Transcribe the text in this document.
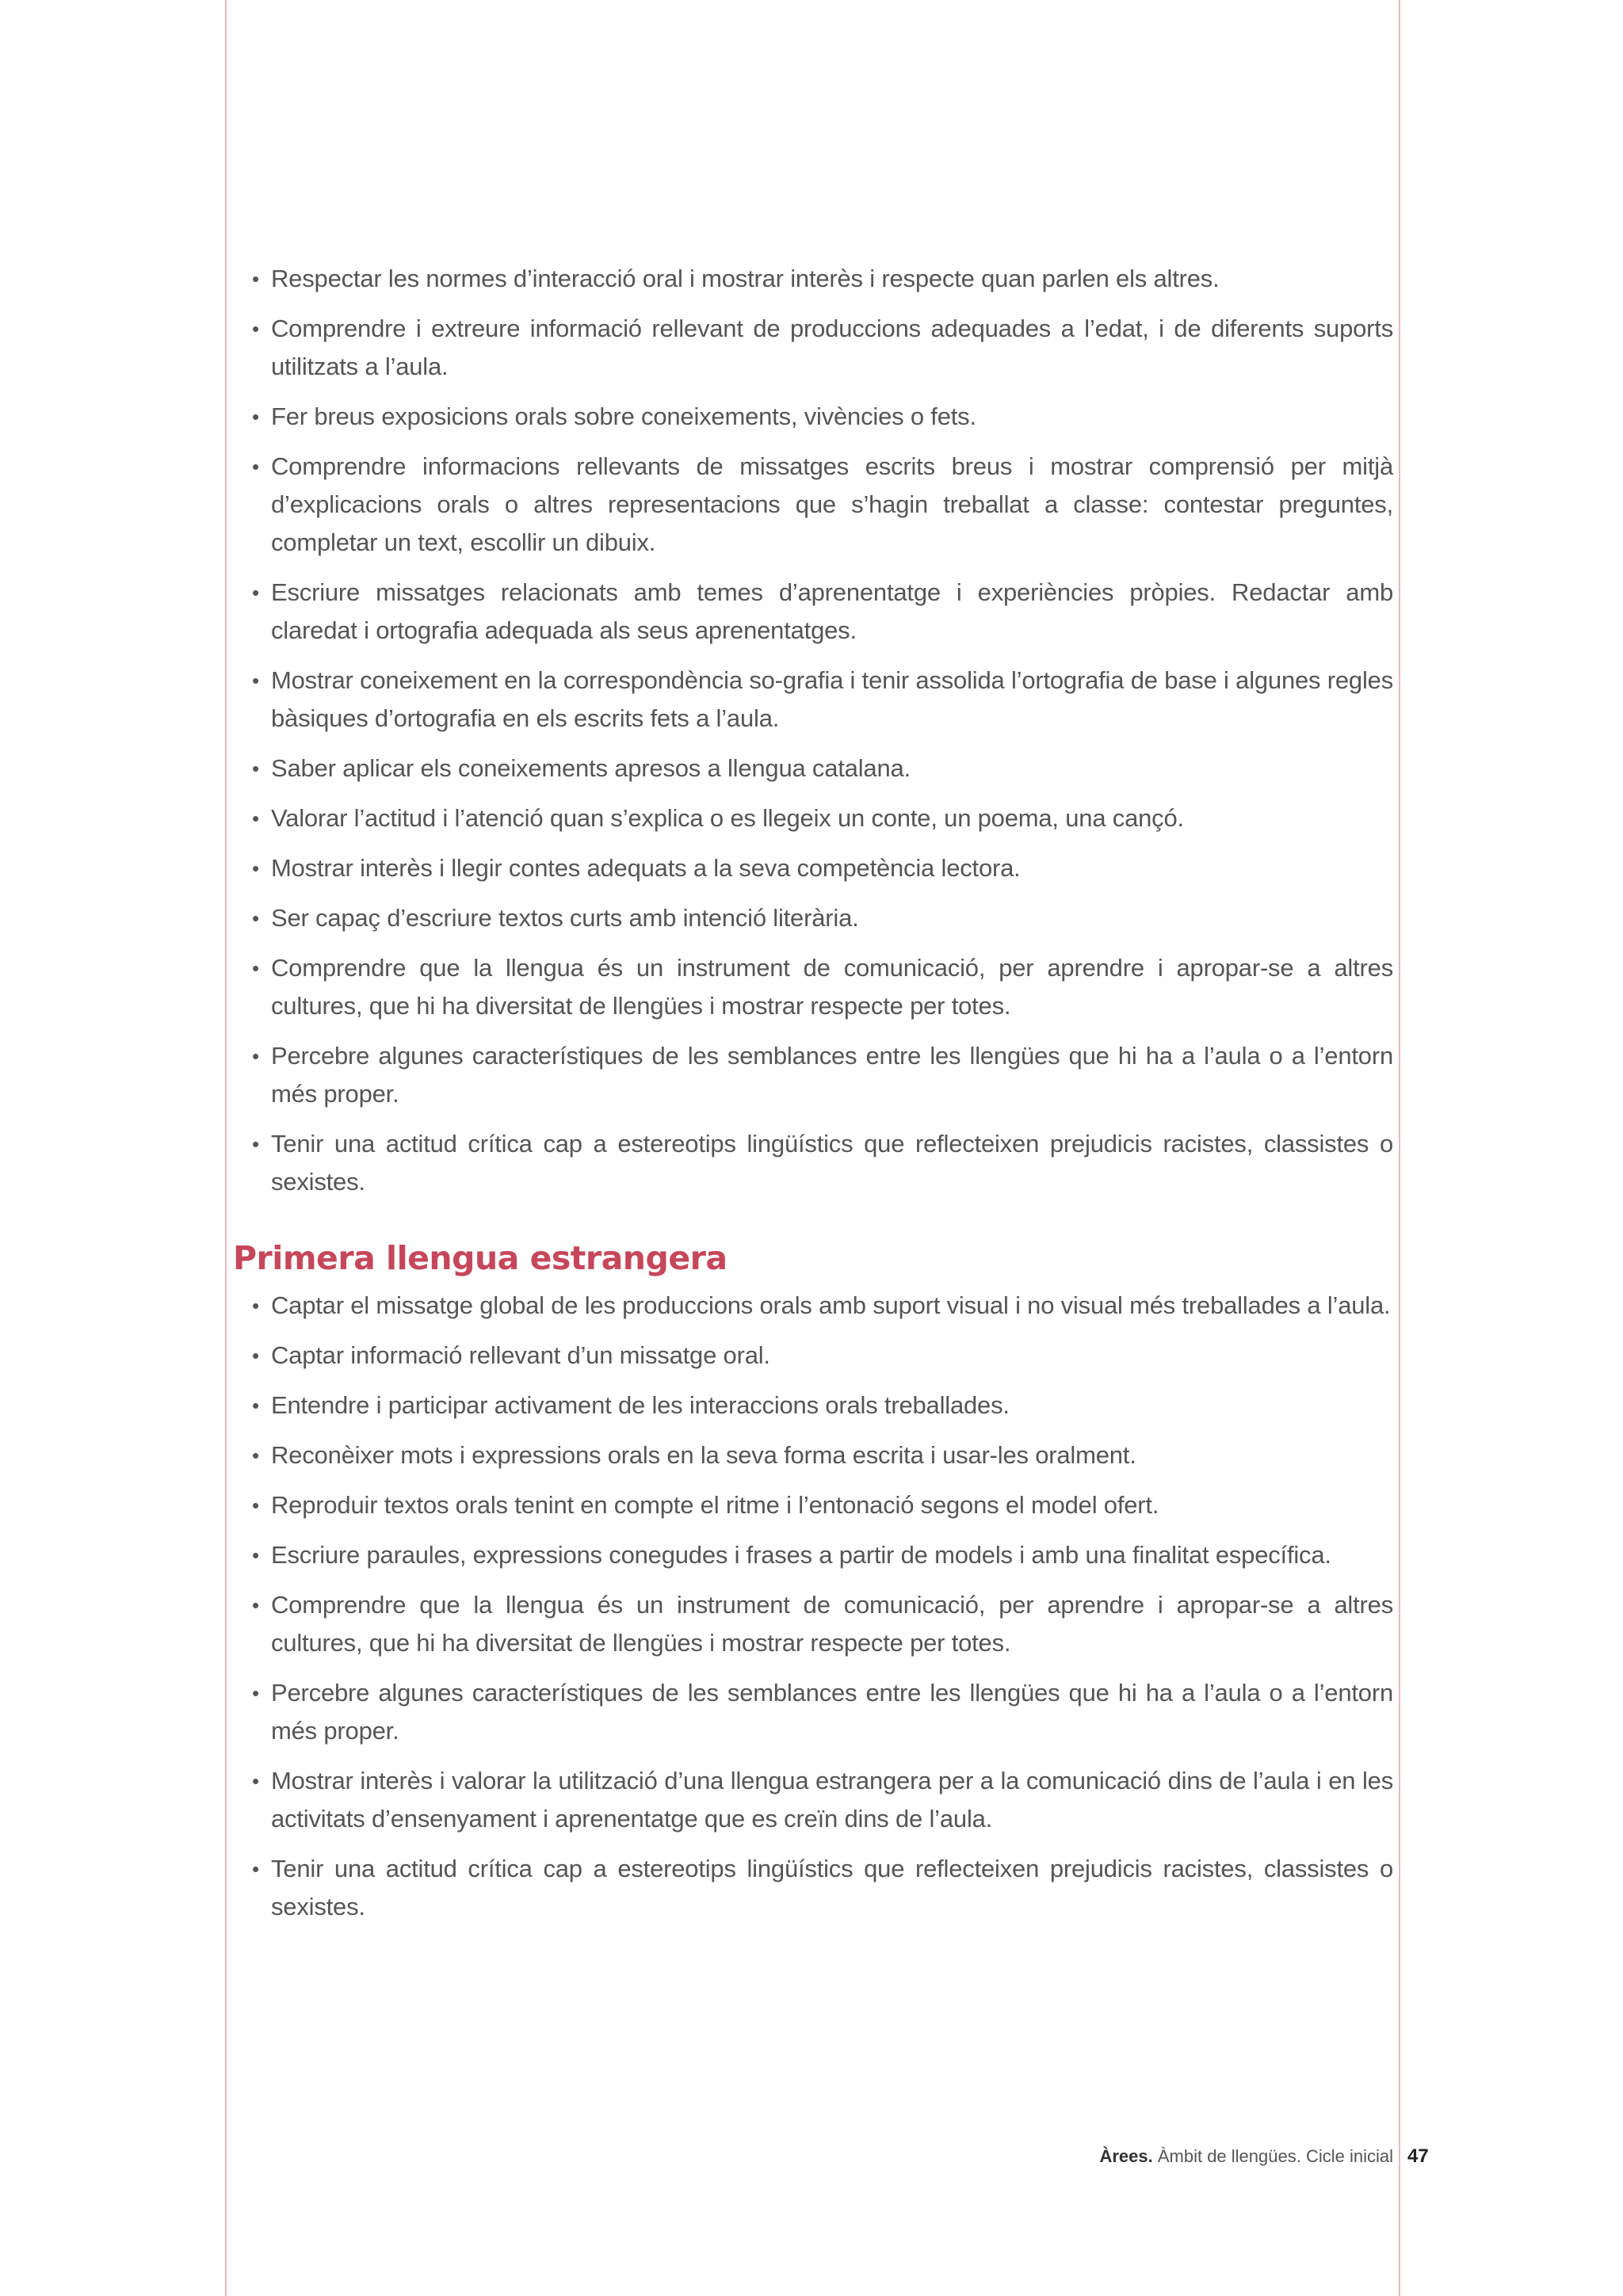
• Respectar les normes d’interacció oral i mostrar interès i respecte quan parlen els altres.
• Comprendre i extreure informació rellevant de produccions adequades a l’edat, i de diferents suports utilitzats a l’aula.
• Fer breus exposicions orals sobre coneixements, vivències o fets.
• Comprendre informacions rellevants de missatges escrits breus i mostrar comprensió per mitjà d’explicacions orals o altres representacions que s’hagin treballat a classe: contestar preguntes, completar un text, escollir un dibuix.
• Escriure missatges relacionats amb temes d’aprenentatge i experiències pròpies. Redactar amb claredat i ortografia adequada als seus aprenentatges.
• Mostrar coneixement en la correspondència so-grafia i tenir assolida l’ortografia de base i algunes regles bàsiques d’ortografia en els escrits fets a l’aula.
• Saber aplicar els coneixements apresos a llengua catalana.
• Valorar l’actitud i l’atenció quan s’explica o es llegeix un conte, un poema, una cançó.
• Mostrar interès i llegir contes adequats a la seva competència lectora.
• Ser capaç d’escriure textos curts amb intenció literària.
• Comprendre que la llengua és un instrument de comunicació, per aprendre i apropar-se a altres cultures, que hi ha diversitat de llengües i mostrar respecte per totes.
• Percebre algunes característiques de les semblances entre les llengües que hi ha a l’aula o a l’entorn més proper.
• Tenir una actitud crítica cap a estereotips lingüístics que reflecteixen prejudicis racistes, classistes o sexistes.
Primera llengua estrangera
• Captar el missatge global de les produccions orals amb suport visual i no visual més treballades a l’aula.
• Captar informació rellevant d’un missatge oral.
• Entendre i participar activament de les interaccions orals treballades.
• Reconèixer mots i expressions orals en la seva forma escrita i usar-les oralment.
• Reproduir textos orals tenint en compte el ritme i l’entonació segons el model ofert.
• Escriure paraules, expressions conegudes i frases a partir de models i amb una finalitat específica.
• Comprendre que la llengua és un instrument de comunicació, per aprendre i apropar-se a altres cultures, que hi ha diversitat de llengües i mostrar respecte per totes.
• Percebre algunes característiques de les semblances entre les llengües que hi ha a l’aula o a l’entorn més proper.
• Mostrar interès i valorar la utilització d’una llengua estrangera per a la comunicació dins de l’aula i en les activitats d’ensenyament i aprenentatge que es creïn dins de l’aula.
• Tenir una actitud crítica cap a estereotips lingüístics que reflecteixen prejudicis racistes, classistes o sexistes.
Àrees. Àmbit de llengües. Cicle inicial 47
